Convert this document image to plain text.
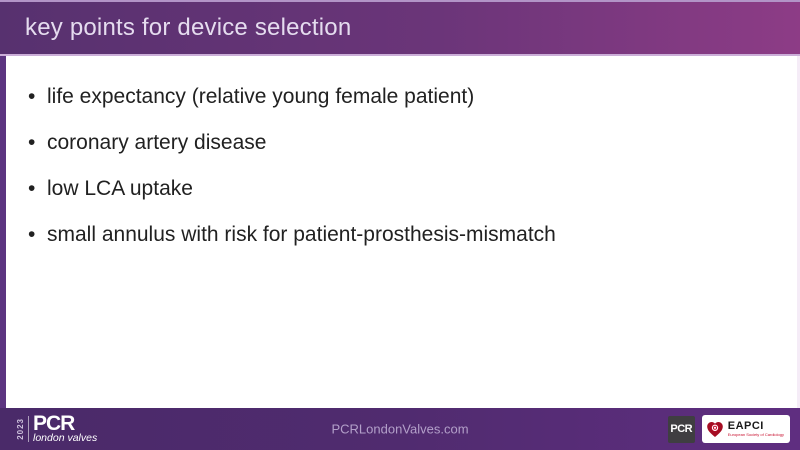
key points for device selection
• life expectancy (relative young female patient)
• coronary artery disease
• low LCA uptake
• small annulus with risk for patient-prosthesis-mismatch
2023 PCR
london valves
PCRLondonValves.com	PCR	EAPCI
European Society of Cardiology
